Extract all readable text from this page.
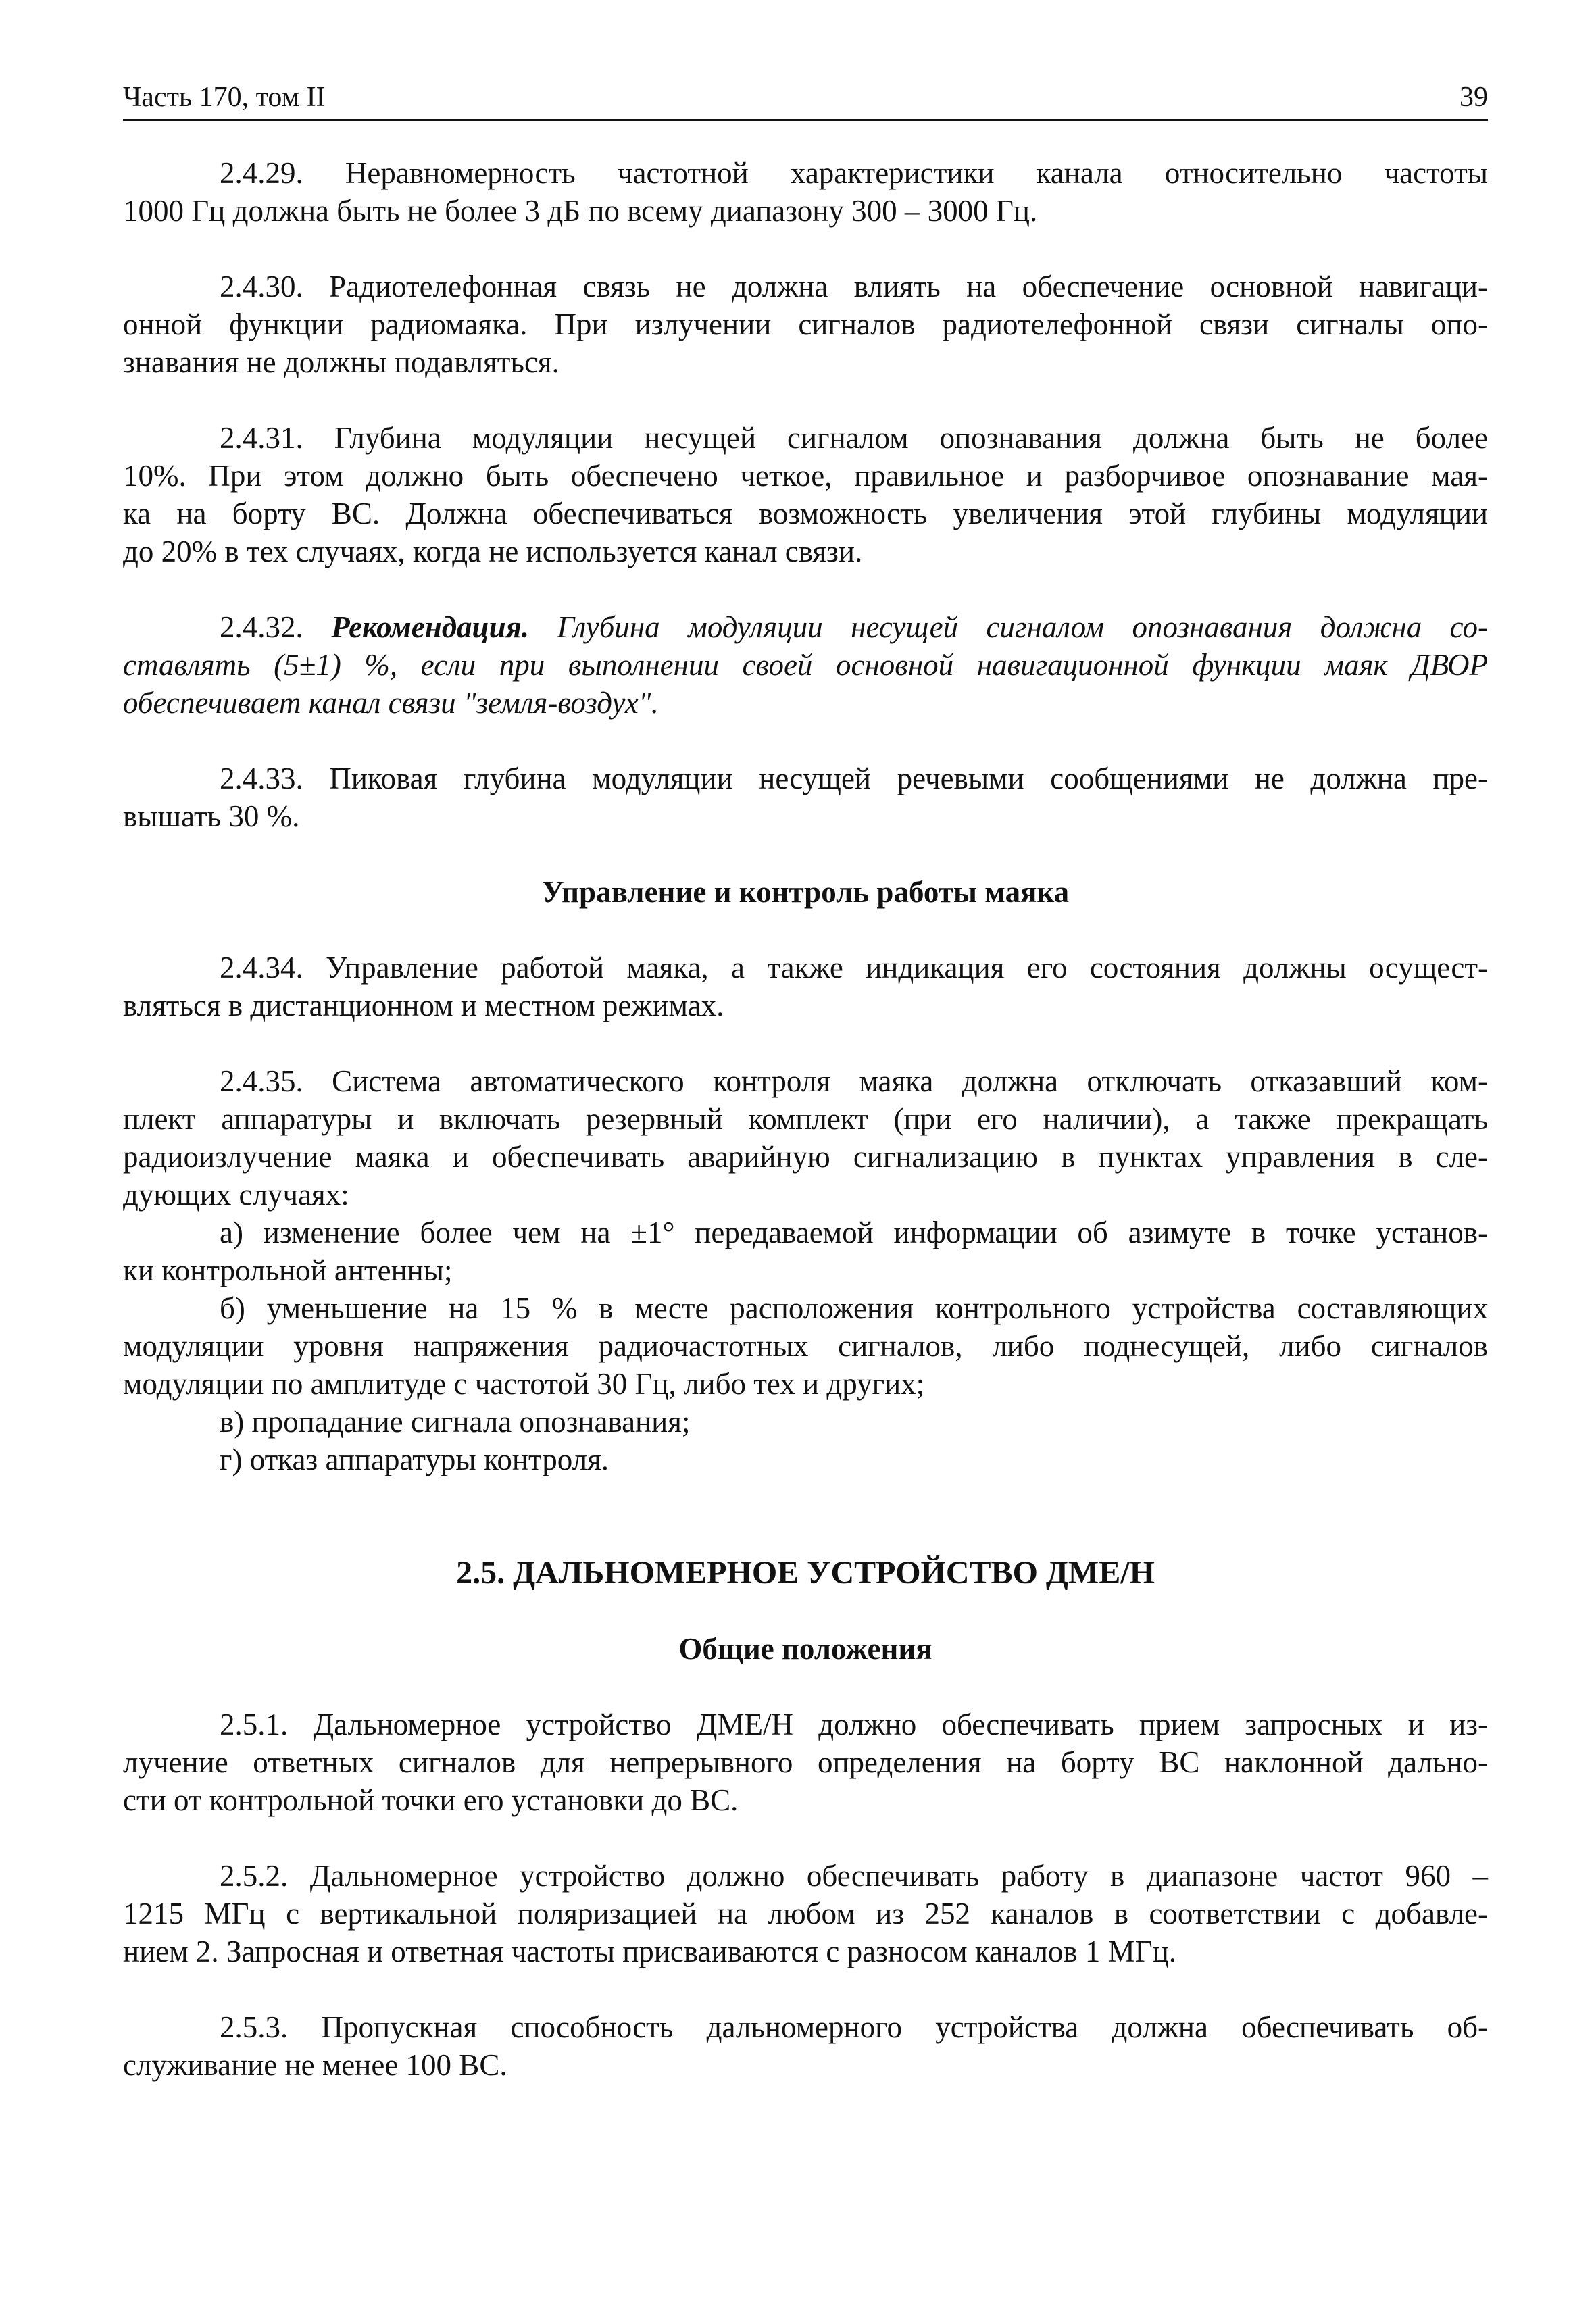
Часть 170, том II	39
2.4.29. Неравномерность частотной характеристики канала относительно частоты
1000 Гц должна быть не более 3 дБ по всему диапазону 300 – 3000 Гц.
2.4.30. Радиотелефонная связь не должна влиять на обеспечение основной навигаци-
онной функции радиомаяка. При излучении сигналов радиотелефонной связи сигналы опо-
знавания не должны подавляться.
2.4.31. Глубина модуляции несущей сигналом опознавания должна быть не более
10%. При этом должно быть обеспечено четкое, правильное и разборчивое опознавание мая-
ка на борту ВС. Должна обеспечиваться возможность увеличения этой глубины модуляции
до 20% в тех случаях, когда не используется канал связи.
2.4.32. Рекомендация. Глубина модуляции несущей сигналом опознавания должна со-
ставлять (5±1) %, если при выполнении своей основной навигационной функции маяк ДВОР
обеспечивает канал связи "земля-воздух".
2.4.33. Пиковая глубина модуляции несущей речевыми сообщениями не должна пре-
вышать 30 %.
Управление и контроль работы маяка
2.4.34. Управление работой маяка, а также индикация его состояния должны осущест-
вляться в дистанционном и местном режимах.
2.4.35. Система автоматического контроля маяка должна отключать отказавший ком-
плект аппаратуры и включать резервный комплект (при его наличии), а также прекращать
радиоизлучение маяка и обеспечивать аварийную сигнализацию в пунктах управления в сле-
дующих случаях:
а) изменение более чем на ±1° передаваемой информации об азимуте в точке установ-
ки контрольной антенны;
б) уменьшение на 15 % в месте расположения контрольного устройства составляющих
модуляции уровня напряжения радиочастотных сигналов, либо поднесущей, либо сигналов
модуляции по амплитуде с частотой 30 Гц, либо тех и других;
в) пропадание сигнала опознавания;
г) отказ аппаратуры контроля.
2.5. ДАЛЬНОМЕРНОЕ УСТРОЙСТВО ДМЕ/Н
Общие положения
2.5.1. Дальномерное устройство ДМЕ/Н должно обеспечивать прием запросных и из-
лучение ответных сигналов для непрерывного определения на борту ВС наклонной дально-
сти от контрольной точки его установки до ВС.
2.5.2. Дальномерное устройство должно обеспечивать работу в диапазоне частот 960 –
1215 МГц с вертикальной поляризацией на любом из 252 каналов в соответствии с добавле-
нием 2. Запросная и ответная частоты присваиваются с разносом каналов 1 МГц.
2.5.3. Пропускная способность дальномерного устройства должна обеспечивать об-
служивание не менее 100 ВС.
